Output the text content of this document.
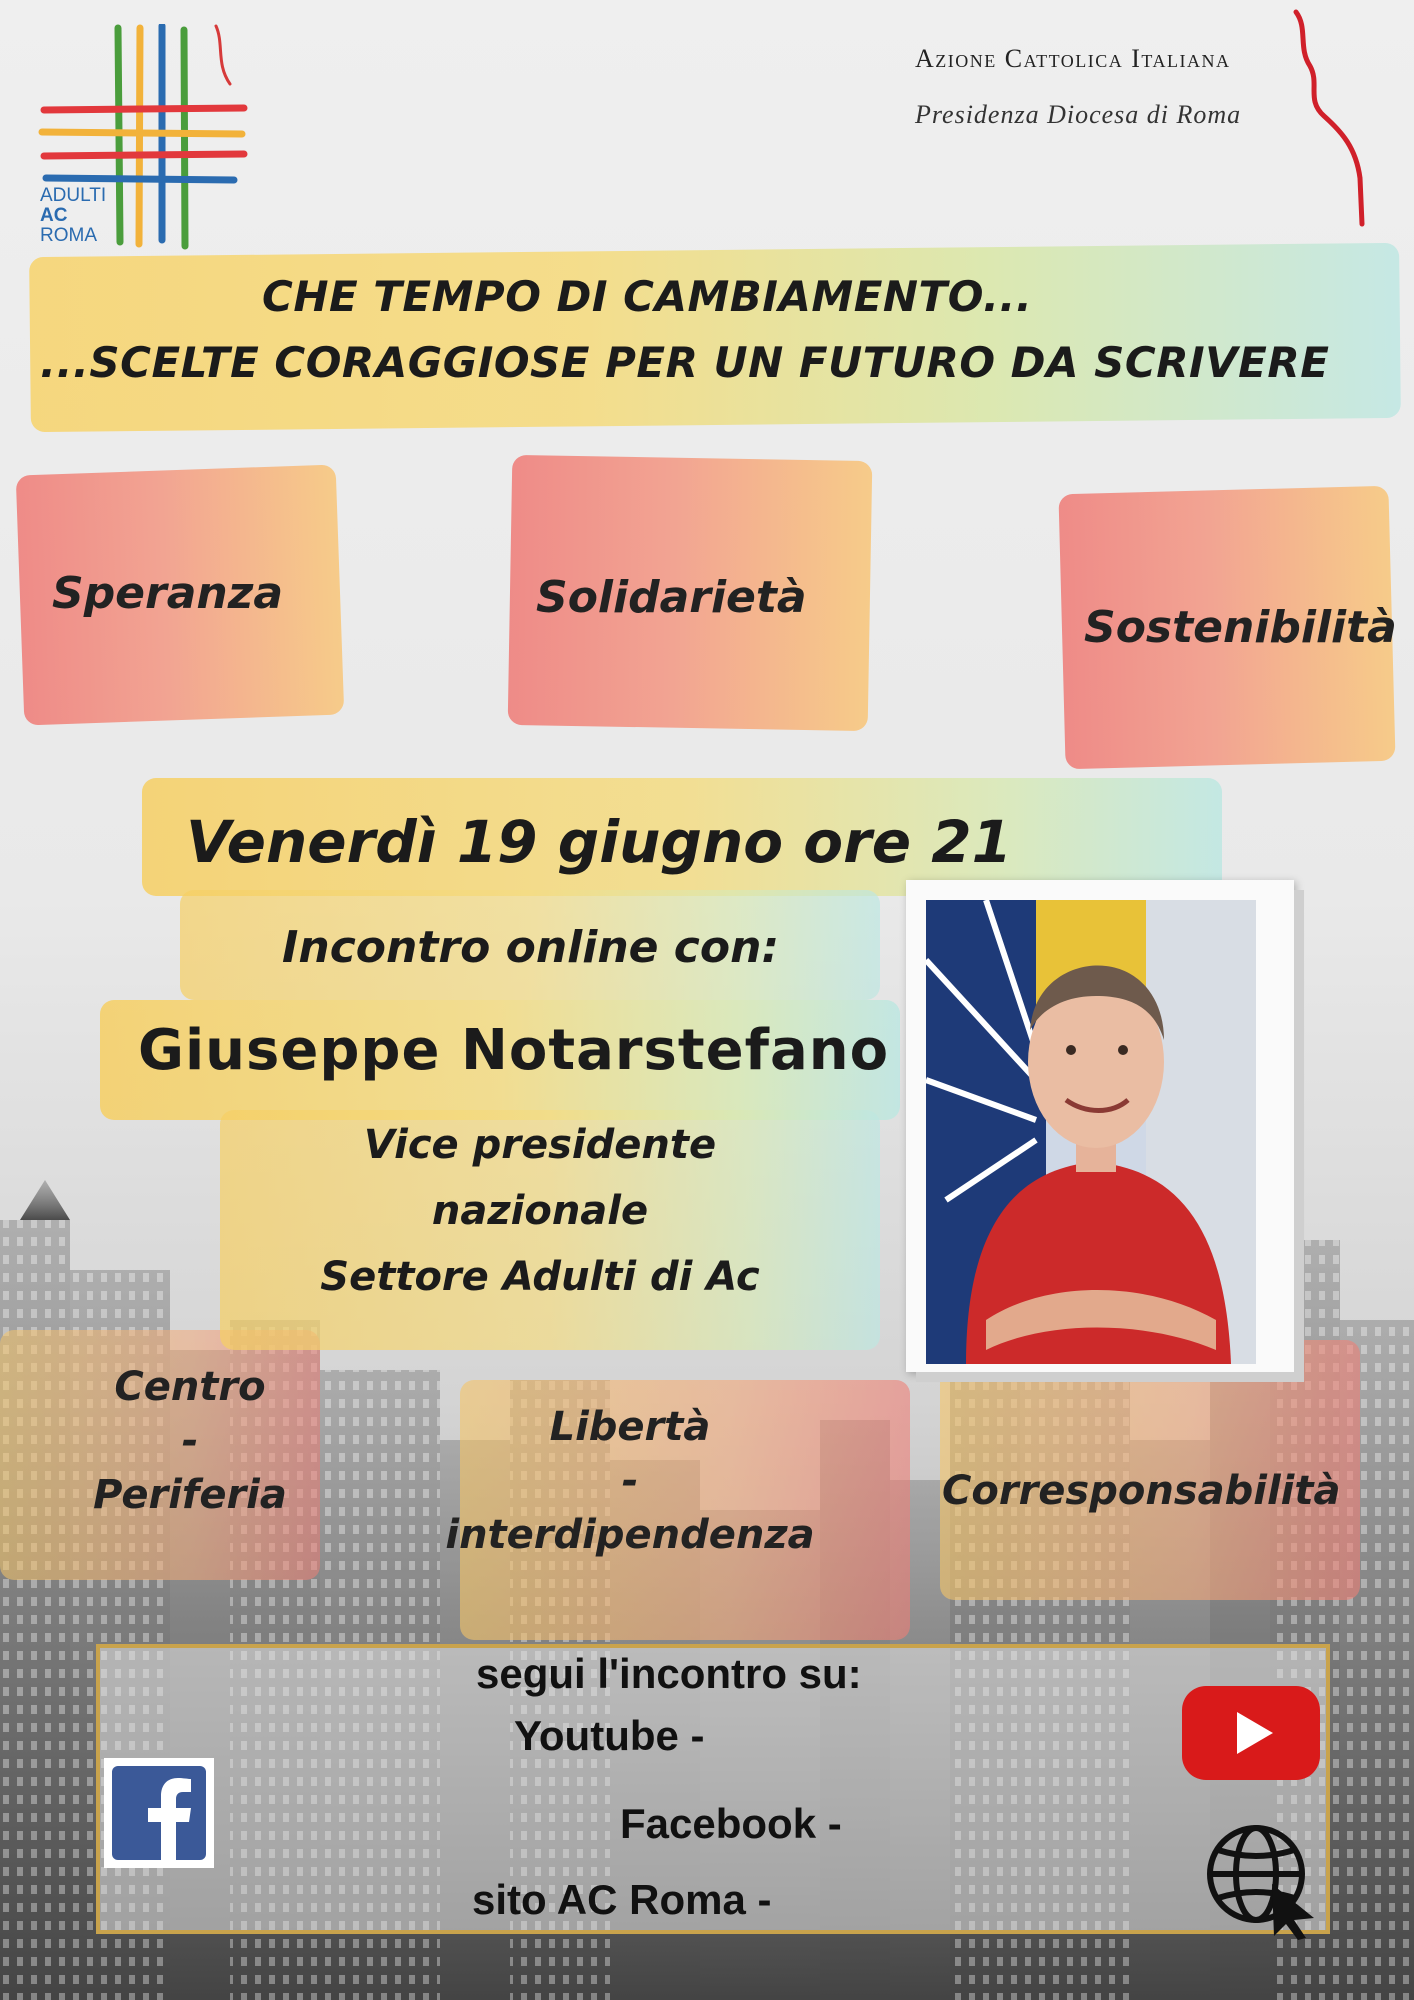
ADULTI
AC
ROMA
Azione Cattolica Italiana
Presidenza Diocesa di Roma
CHE TEMPO DI CAMBIAMENTO...
...SCELTE CORAGGIOSE PER UN FUTURO DA SCRIVERE
Speranza	Solidarietà
Sostenibilità
Venerdì 19 giugno ore 21
Incontro online con:
Giuseppe Notarstefano
Vice presidente
nazionale
Settore Adulti di Ac
Centro
-
Periferia
Libertà
-
interdipendenza
Corresponsabilità
segui l'incontro su:
Youtube -
Facebook -
sito AC Roma -
